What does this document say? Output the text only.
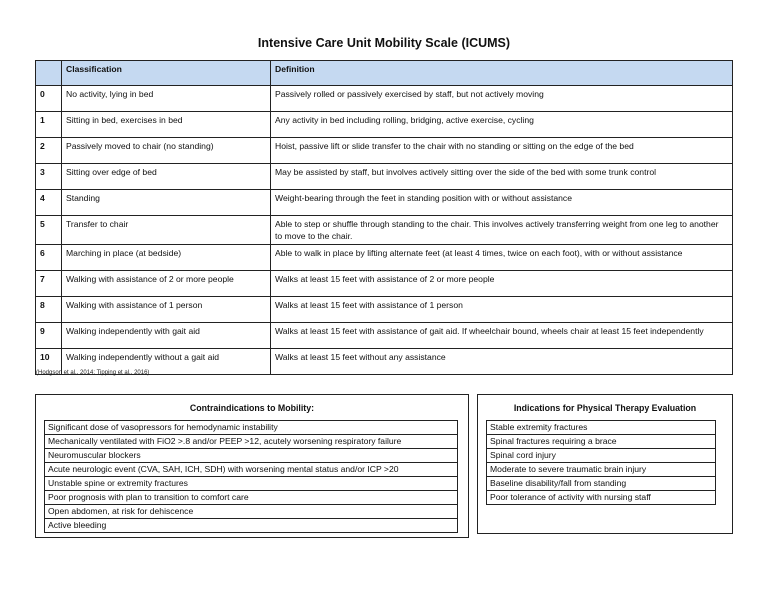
Intensive Care Unit Mobility Scale (ICUMS)
	Classification	Definition
0	No activity, lying in bed	Passively rolled or passively exercised by staff, but not actively moving
1	Sitting in bed, exercises in bed	Any activity in bed including rolling, bridging, active exercise, cycling
2	Passively moved to chair (no standing)	Hoist, passive lift or slide transfer to the chair with no standing or sitting on the edge of the bed
3	Sitting over edge of bed	May be assisted by staff, but involves actively sitting over the side of the bed with some trunk control
4	Standing	Weight-bearing through the feet in standing position with or without assistance
5	Transfer to chair	Able to step or shuffle through standing to the chair. This involves actively transferring weight from one leg to another to move to the chair.
6	Marching in place (at bedside)	Able to walk in place by lifting alternate feet (at least 4 times, twice on each foot), with or without assistance
7	Walking with assistance of 2 or more people	Walks at least 15 feet with assistance of 2 or more people
8	Walking with assistance of 1 person	Walks at least 15 feet with assistance of 1 person
9	Walking independently with gait aid	Walks at least 15 feet with assistance of gait aid. If wheelchair bound, wheels chair at least 15 feet independently
10	Walking independently without a gait aid	Walks at least 15 feet without any assistance
(Hodgson et al., 2014; Tipping et al., 2016)
Contraindications to Mobility:
Significant dose of vasopressors for hemodynamic instability
Mechanically ventilated with FiO2 >.8 and/or PEEP >12, acutely worsening respiratory failure
Neuromuscular blockers
Acute neurologic event (CVA, SAH, ICH, SDH) with worsening mental status and/or ICP >20
Unstable spine or extremity fractures
Poor prognosis with plan to transition to comfort care
Open abdomen, at risk for dehiscence
Active bleeding
Indications for Physical Therapy Evaluation
Stable extremity fractures
Spinal fractures requiring a brace
Spinal cord injury
Moderate to severe traumatic brain injury
Baseline disability/fall from standing
Poor tolerance of activity with nursing staff
